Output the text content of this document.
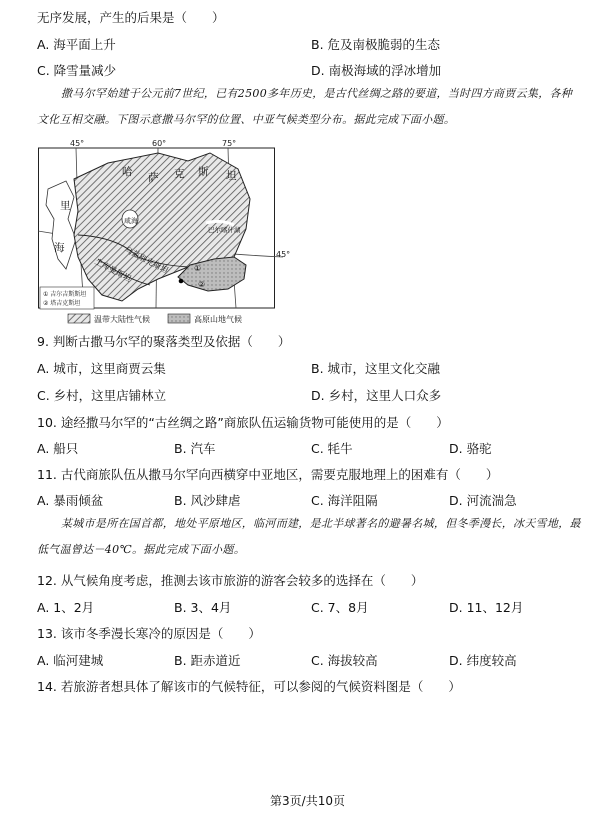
无序发展，产生的后果是（　　）
A. 海平面上升	B. 危及南极脆弱的生态
C. 降雪量减少	D. 南极海域的浮冰增加
撒马尔罕始建于公元前7世纪，已有2500多年历史，是古代丝绸之路的要道，当时四方商贾云集，各种文化互相交融。下图示意撒马尔罕的位置、中亚气候类型分布。据此完成下面小题。
45°	60°	75°
45°
哈 萨 克 斯 坦
里
海
咸海
巴尔喀什湖
乌兹别克斯坦
土库曼斯坦	①
②
① 吉尔吉斯斯坦
② 塔吉克斯坦
温带大陆性气候	高原山地气候
9. 判断古撒马尔罕的聚落类型及依据（　　）
A. 城市，这里商贾云集	B. 城市，这里文化交融
C. 乡村，这里店铺林立	D. 乡村，这里人口众多
10. 途经撒马尔罕的“古丝绸之路”商旅队伍运输货物可能使用的是（　　）
A. 船只	B. 汽车	C. 牦牛	D. 骆驼
11. 古代商旅队伍从撒马尔罕向西横穿中亚地区，需要克服地理上的困难有（　　）
A. 暴雨倾盆	B. 风沙肆虐	C. 海洋阻隔	D. 河流湍急
某城市是所在国首都，地处平原地区，临河而建，是北半球著名的避暑名城，但冬季漫长，冰天雪地，最低气温曾达－40℃。据此完成下面小题。
12. 从气候角度考虑，推测去该市旅游的游客会较多的选择在（　　）
A. 1、2月	B. 3、4月	C. 7、8月	D. 11、12月
13. 该市冬季漫长寒冷的原因是（　　）
A. 临河建城	B. 距赤道近	C. 海拔较高	D. 纬度较高
14. 若旅游者想具体了解该市的气候特征，可以参阅的气候资料图是（　　）
第3页/共10页
